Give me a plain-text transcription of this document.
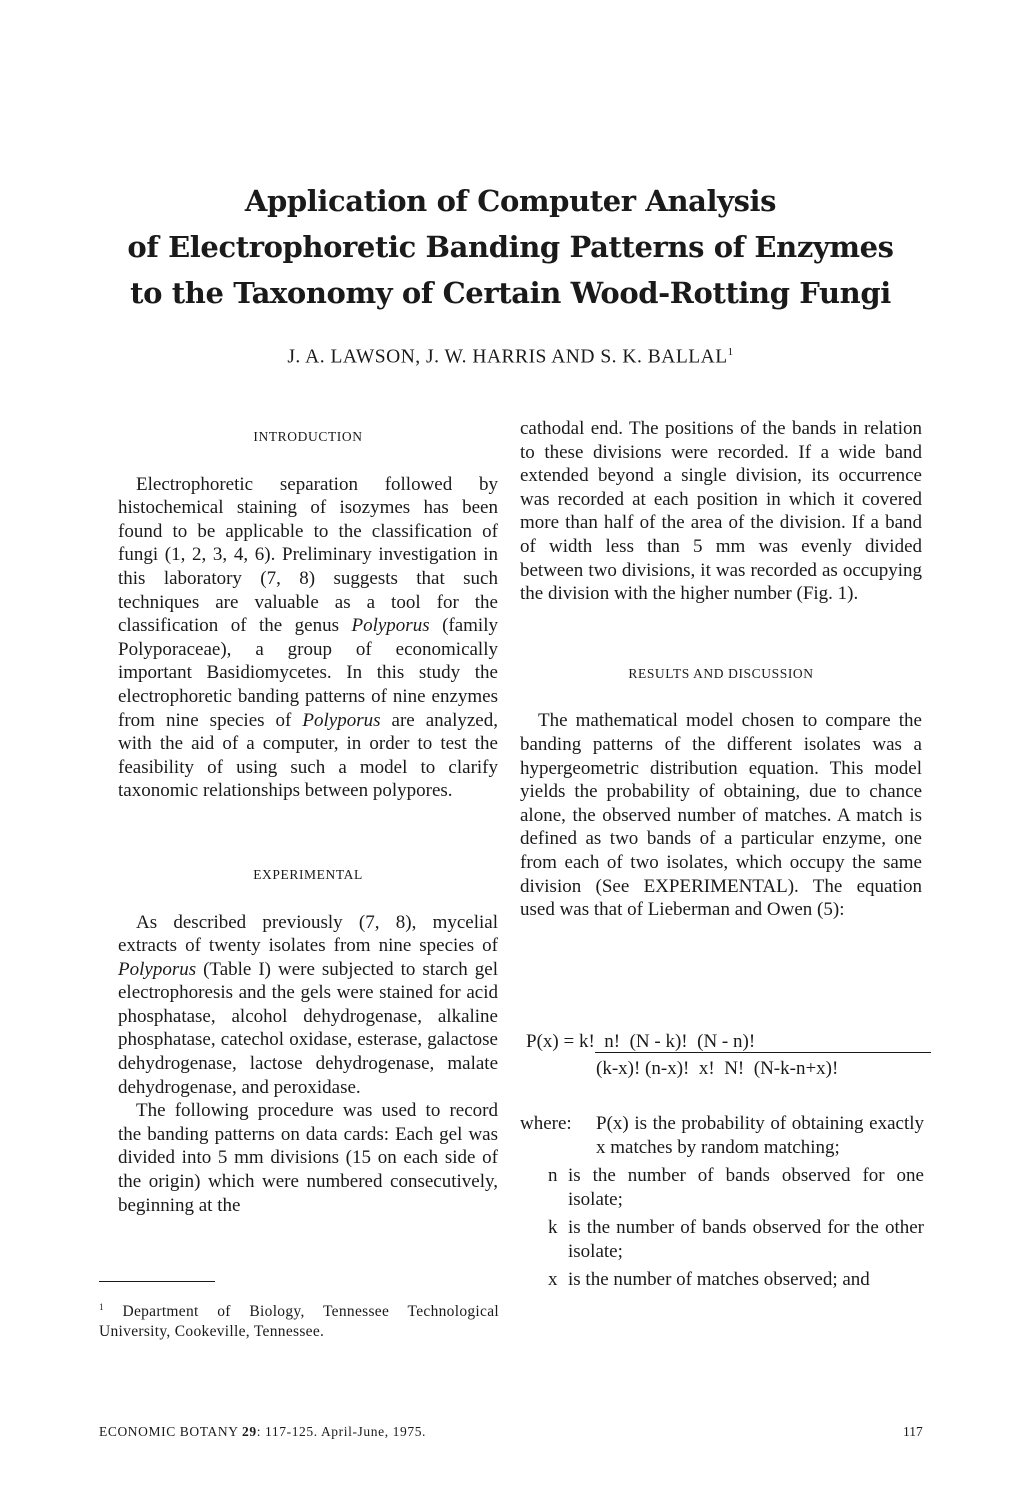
Application of Computer Analysis
of Electrophoretic Banding Patterns of Enzymes
to the Taxonomy of Certain Wood-Rotting Fungi
J. A. LAWSON, J. W. HARRIS AND S. K. BALLAL$^1$
INTRODUCTION

Electrophoretic separation followed by histochemical staining of isozymes has been found to be applicable to the classification of fungi (1, 2, 3, 4, 6). Preliminary investigation in this laboratory (7, 8) suggests that such techniques are valuable as a tool for the classification of the genus Polyporus (family Polyporaceae), a group of economically important Basidiomycetes. In this study the electrophoretic banding patterns of nine enzymes from nine species of Polyporus are analyzed, with the aid of a computer, in order to test the feasibility of using such a model to clarify taxonomic relationships between polypores.

EXPERIMENTAL

As described previously (7, 8), mycelial extracts of twenty isolates from nine species of Polyporus (Table I) were subjected to starch gel electrophoresis and the gels were stained for acid phosphatase, alcohol dehydrogenase, alkaline phosphatase, catechol oxidase, esterase, galactose dehydrogenase, lactose dehydrogenase, malate dehydrogenase, and peroxidase.

The following procedure was used to record the banding patterns on data cards: Each gel was divided into 5 mm divisions (15 on each side of the origin) which were numbered consecutively, beginning at the

cathodal end. The positions of the bands in relation to these divisions were recorded. If a wide band extended beyond a single division, its occurrence was recorded at each position in which it covered more than half of the area of the division. If a band of width less than 5 mm was evenly divided between two divisions, it was recorded as occupying the division with the higher number (Fig. 1).

RESULTS AND DISCUSSION

The mathematical model chosen to compare the banding patterns of the different isolates was a hypergeometric distribution equation. This model yields the probability of obtaining, due to chance alone, the observed number of matches. A match is defined as two bands of a particular enzyme, one from each of two isolates, which occupy the same division (See EXPERIMENTAL). The equation used was that of Lieberman and Owen (5):

P(x) = k!  n!  (N - k)!  (N - n)!
(k-x)! (n-x)!  x!  N!  (N-k-n+x)!
where:	P(x) is the probability of obtaining exactly x matches by random matching;
n is the number of bands observed for one isolate;
k is the number of bands observed for the other isolate;
x is the number of matches observed; and
$^1$ Department of Biology, Tennessee Technological University, Cookeville, Tennessee.
ECONOMIC BOTANY 29: 117-125. April-June, 1975.	117
